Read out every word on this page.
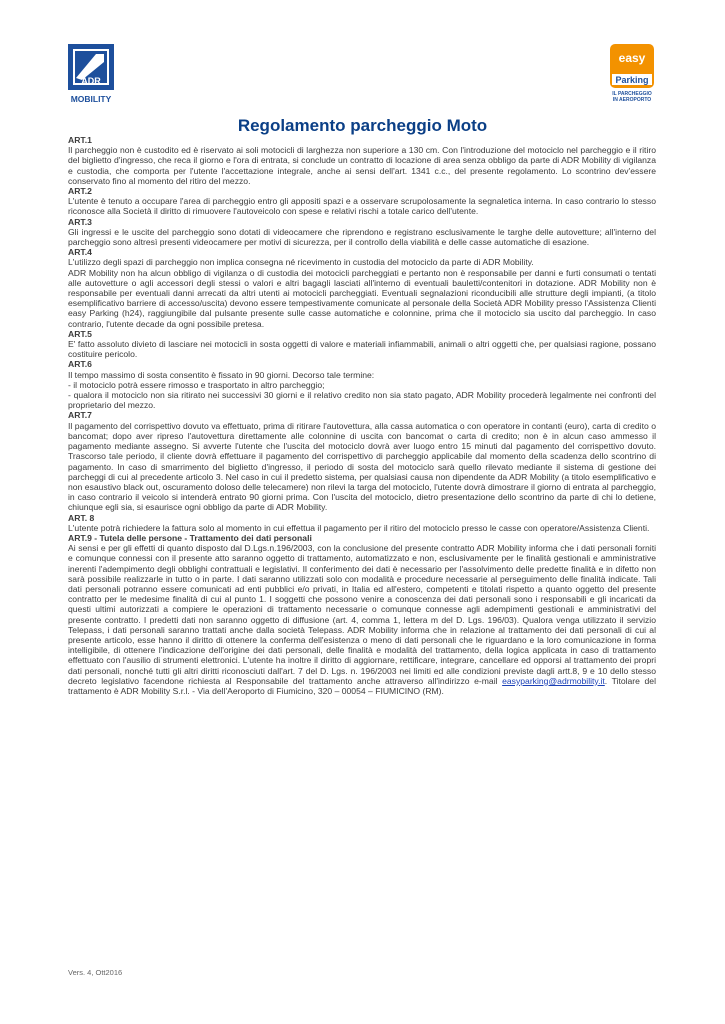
ADR
MOBILITY
easy
Parking
IL PARCHEGGIO
IN AEROPORTO
Regolamento parcheggio Moto
ART.1

Il parcheggio non è custodito ed è riservato ai soli motocicli di larghezza non superiore a 130 cm. Con l'introduzione del motociclo nel parcheggio e il ritiro del biglietto d'ingresso, che reca il giorno e l'ora di entrata, si conclude un contratto di locazione di area senza obbligo da parte di ADR Mobility di vigilanza e custodia, che comporta per l'utente l'accettazione integrale, anche ai sensi dell'art. 1341 c.c., del presente regolamento. Lo scontrino dev'essere conservato fino al momento del ritiro del mezzo.

ART.2

L'utente è tenuto a occupare l'area di parcheggio entro gli appositi spazi e a osservare scrupolosamente la segnaletica interna. In caso contrario lo stesso riconosce alla Società il diritto di rimuovere l'autoveicolo con spese e relativi rischi a totale carico dell'utente.

ART.3

Gli ingressi e le uscite del parcheggio sono dotati di videocamere che riprendono e registrano esclusivamente le targhe delle autovetture; all'interno del parcheggio sono altresì presenti videocamere per motivi di sicurezza, per il controllo della viabilità e delle casse automatiche di esazione.

ART.4

L'utilizzo degli spazi di parcheggio non implica consegna né ricevimento in custodia del motociclo da parte di ADR Mobility.

ADR Mobility non ha alcun obbligo di vigilanza o di custodia dei motocicli parcheggiati e pertanto non è responsabile per danni e furti consumati o tentati alle autovetture o agli accessori degli stessi o valori e altri bagagli lasciati all'interno di eventuali bauletti/contenitori in dotazione. ADR Mobility non è responsabile per eventuali danni arrecati da altri utenti ai motocicli parcheggiati. Eventuali segnalazioni riconducibili alle strutture degli impianti, (a titolo esemplificativo barriere di accesso/uscita) devono essere tempestivamente comunicate al personale della Società ADR Mobility presso l'Assistenza Clienti easy Parking (h24), raggiungibile dal pulsante presente sulle casse automatiche e colonnine, prima che il motociclo sia uscito dal parcheggio. In caso contrario, l'utente decade da ogni possibile pretesa.

ART.5

E' fatto assoluto divieto di lasciare nei motocicli in sosta oggetti di valore e materiali infiammabili, animali o altri oggetti che, per qualsiasi ragione, possano costituire pericolo.

ART.6

Il tempo massimo di sosta consentito è fissato in 90 giorni. Decorso tale termine:

- il motociclo potrà essere rimosso e trasportato in altro parcheggio;

- qualora il motociclo non sia ritirato nei successivi 30 giorni e il relativo credito non sia stato pagato, ADR Mobility procederà legalmente nei confronti del proprietario del mezzo.

ART.7

Il pagamento del corrispettivo dovuto va effettuato, prima di ritirare l'autovettura, alla cassa automatica o con operatore in contanti (euro), carta di credito o bancomat; dopo aver ripreso l'autovettura direttamente alle colonnine di uscita con bancomat o carta di credito; non è in alcun caso ammesso il pagamento mediante assegno. Si avverte l'utente che l'uscita del motociclo dovrà aver luogo entro 15 minuti dal pagamento del corrispettivo dovuto. Trascorso tale periodo, il cliente dovrà effettuare il pagamento del corrispettivo di parcheggio applicabile dal momento della scadenza dello scontrino di pagamento. In caso di smarrimento del biglietto d'ingresso, il periodo di sosta del motociclo sarà quello rilevato mediante il sistema di gestione dei parcheggi di cui al precedente articolo 3. Nel caso in cui il predetto sistema, per qualsiasi causa non dipendente da ADR Mobility (a titolo esemplificativo e non esaustivo black out, oscuramento doloso delle telecamere) non rilevi la targa del motociclo, l'utente dovrà dimostrare il giorno di entrata al parcheggio, in caso contrario il veicolo si intenderà entrato 90 giorni prima. Con l'uscita del motociclo, dietro presentazione dello scontrino da parte di chi lo detiene, chiunque egli sia, si esaurisce ogni obbligo da parte di ADR Mobility.

ART. 8

L'utente potrà richiedere la fattura solo al momento in cui effettua il pagamento per il ritiro del motociclo presso le casse con operatore/Assistenza Clienti.

ART.9 - Tutela delle persone - Trattamento dei dati personali

Ai sensi e per gli effetti di quanto disposto dal D.Lgs.n.196/2003, con la conclusione del presente contratto ADR Mobility informa che i dati personali forniti e comunque connessi con il presente atto saranno oggetto di trattamento, automatizzato e non, esclusivamente per le finalità gestionali e amministrative inerenti l'adempimento degli obblighi contrattuali e legislativi. Il conferimento dei dati è necessario per l'assolvimento delle predette finalità e in difetto non sarà possibile realizzarle in tutto o in parte. I dati saranno utilizzati solo con modalità e procedure necessarie al perseguimento delle finalità indicate. Tali dati personali potranno essere comunicati ad enti pubblici e/o privati, in Italia ed all'estero, competenti e titolati rispetto a quanto oggetto del presente contratto per le medesime finalità di cui al punto 1. I soggetti che possono venire a conoscenza dei dati personali sono i responsabili e gli incaricati da questi ultimi autorizzati a compiere le operazioni di trattamento necessarie o comunque connesse agli adempimenti gestionali e amministrativi del presente contratto. I predetti dati non saranno oggetto di diffusione (art. 4, comma 1, lettera m del D. Lgs. 196/03). Qualora venga utilizzato il servizio Telepass, i dati personali saranno trattati anche dalla società Telepass. ADR Mobility informa che in relazione al trattamento dei dati personali di cui al presente articolo, esse hanno il diritto di ottenere la conferma dell'esistenza o meno di dati personali che le riguardano e la loro comunicazione in forma intelligibile, di ottenere l'indicazione dell'origine dei dati personali, delle finalità e modalità del trattamento, della logica applicata in caso di trattamento effettuato con l'ausilio di strumenti elettronici. L'utente ha inoltre il diritto di aggiornare, rettificare, integrare, cancellare ed opporsi al trattamento dei propri dati personali, nonché tutti gli altri diritti riconosciuti dall'art. 7 del D. Lgs. n. 196/2003 nei limiti ed alle condizioni previste dagli artt.8, 9 e 10 dello stesso decreto legislativo facendone richiesta al Responsabile del trattamento anche attraverso all'indirizzo e-mail easyparking@adrmobility.it. Titolare del trattamento è ADR Mobility S.r.l. - Via dell'Aeroporto di Fiumicino, 320 – 00054 – FIUMICINO (RM).

Vers. 4, Ott2016
